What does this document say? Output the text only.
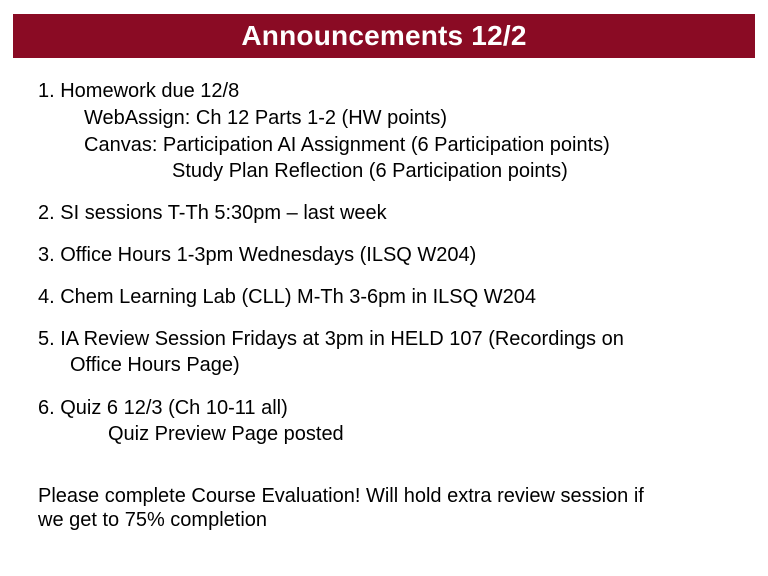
Announcements 12/2
1. Homework due 12/8
WebAssign: Ch 12 Parts 1-2 (HW points)
Canvas: Participation AI Assignment (6 Participation points)
Study Plan Reflection (6 Participation points)
2. SI sessions T-Th 5:30pm – last week
3. Office Hours 1-3pm Wednesdays (ILSQ W204)
4. Chem Learning Lab (CLL) M-Th 3-6pm in ILSQ W204
5. IA Review Session Fridays at 3pm in HELD 107 (Recordings on
Office Hours Page)
6. Quiz 6 12/3 (Ch 10-11 all)
Quiz Preview Page posted
Please complete Course Evaluation! Will hold extra review session if
we get to 75% completion
